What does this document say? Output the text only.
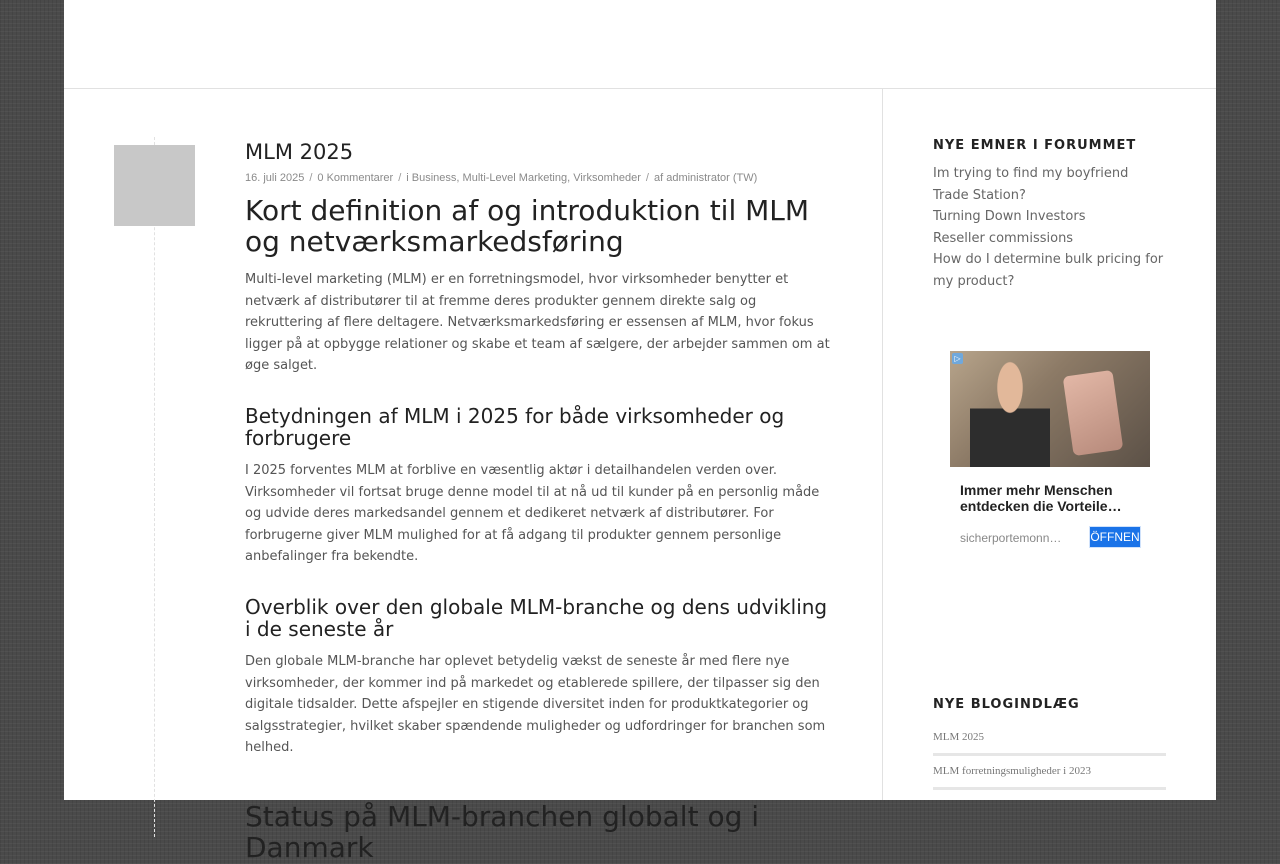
MLM 2025
16. juli 2025 / 0 Kommentarer / i Business, Multi-Level Marketing, Virksomheder / af administrator (TW)
Kort definition af og introduktion til MLM og netværksmarkedsføring

Multi-level marketing (MLM) er en forretningsmodel, hvor virksomheder benytter et netværk af distributører til at fremme deres produkter gennem direkte salg og rekruttering af flere deltagere. Netværksmarkedsføring er essensen af MLM, hvor fokus ligger på at opbygge relationer og skabe et team af sælgere, der arbejder sammen om at øge salget.

Betydningen af MLM i 2025 for både virksomheder og forbrugere

I 2025 forventes MLM at forblive en væsentlig aktør i detailhandelen verden over. Virksomheder vil fortsat bruge denne model til at nå ud til kunder på en personlig måde og udvide deres markedsandel gennem et dedikeret netværk af distributører. For forbrugerne giver MLM mulighed for at få adgang til produkter gennem personlige anbefalinger fra bekendte.

Overblik over den globale MLM-branche og dens udvikling i de seneste år

Den globale MLM-branche har oplevet betydelig vækst de seneste år med flere nye virksomheder, der kommer ind på markedet og etablerede spillere, der tilpasser sig den digitale tidsalder. Dette afspejler en stigende diversitet inden for produktkategorier og salgsstrategier, hvilket skaber spændende muligheder og udfordringer for branchen som helhed.

Status på MLM-branchen globalt og i Danmark
NYE EMNER I FORUMMET
Im trying to find my boyfriend
Trade Station?
Turning Down Investors
Reseller commissions
How do I determine bulk pricing for my product?
▷
Immer mehr Menschen entdecken die Vorteile…
sicherportemonn…	ÖFFNEN
NYE BLOGINDLÆG
MLM 2025
MLM forretningsmuligheder i 2023
